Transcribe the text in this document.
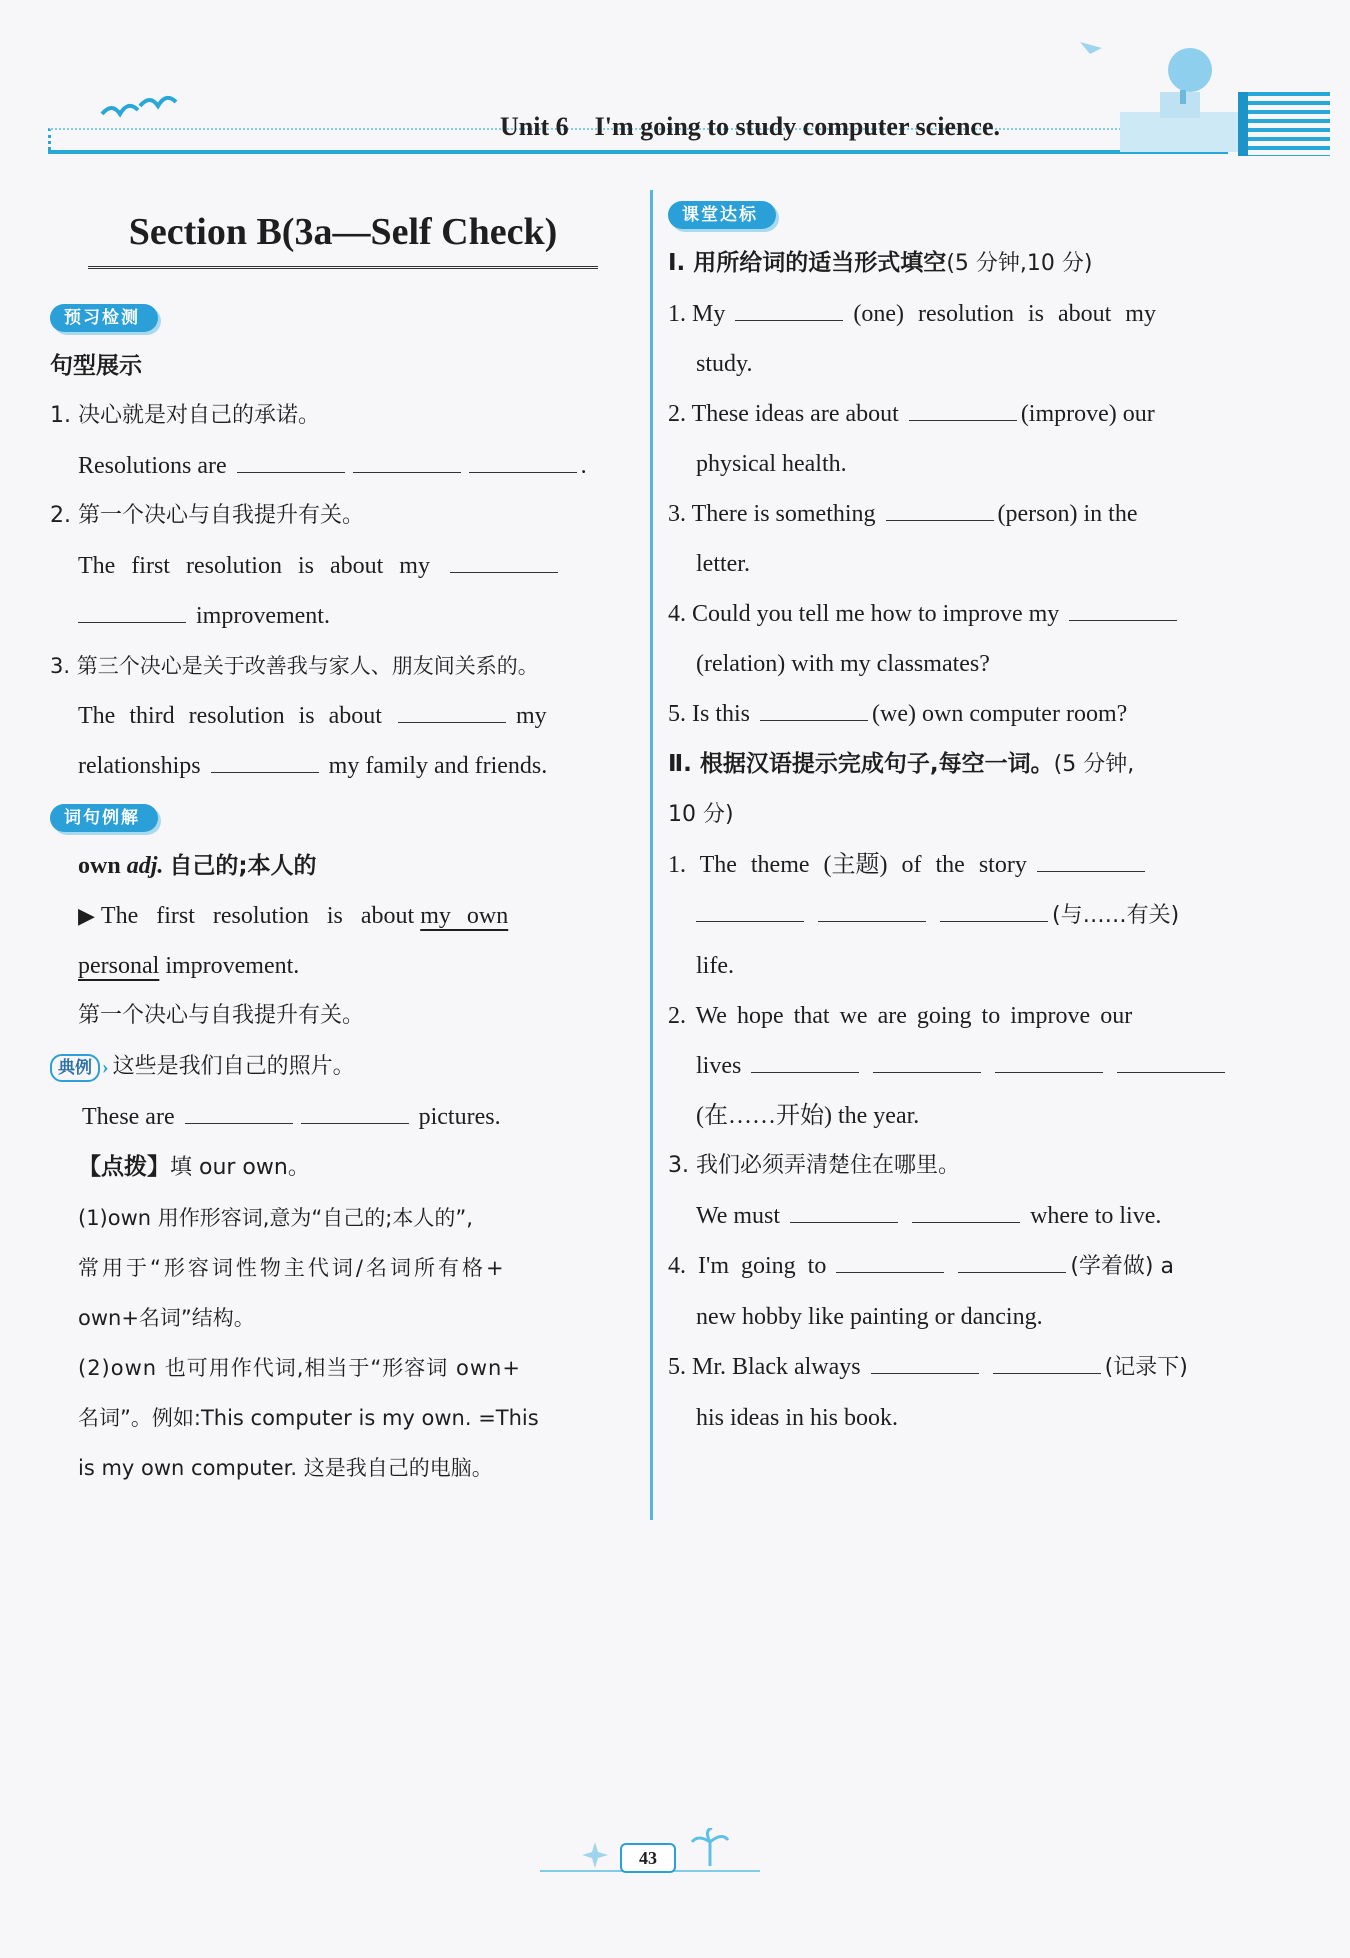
Unit 6    I'm going to study computer science.
Section B(3a—Self Check)
预习检测
句型展示
1. 决心就是对自己的承诺。
Resolutions are	.
2. 第一个决心与自我提升有关。
The first resolution is about my
improvement.
3. 第三个决心是关于改善我与家人、朋友间关系的。
The third resolution is about	my
relationships	my family and friends.
词句例解
own adj. 自己的;本人的
▶ The first resolution is about my own
personal improvement.
第一个决心与自我提升有关。
典例 › 这些是我们自己的照片。
These are	pictures.
【点拨】填 our own。
(1)own 用作形容词,意为“自己的;本人的”,
常用于“形容词性物主代词/名词所有格+
own+名词”结构。
(2)own 也可用作代词,相当于“形容词 own+
名词”。例如:This computer is my own. =This
is my own computer. 这是我自己的电脑。
课堂达标
Ⅰ. 用所给词的适当形式填空(5 分钟,10 分)
1. My	(one) resolution is about my
study.
2. These ideas are about	(improve) our
physical health.
3. There is something	(person) in the
letter.
4. Could you tell me how to improve my
(relation) with my classmates?
5. Is this	(we) own computer room?
Ⅱ. 根据汉语提示完成句子,每空一词。(5 分钟,
10 分)
1. The theme (主题) of the story
(与……有关)
life.
2. We hope that we are going to improve our
lives
(在……开始) the year.
3. 我们必须弄清楚住在哪里。
We must	where to live.
4. I'm going to	(学着做) a
new hobby like painting or dancing.
5. Mr. Black always	(记录下)
his ideas in his book.
43
